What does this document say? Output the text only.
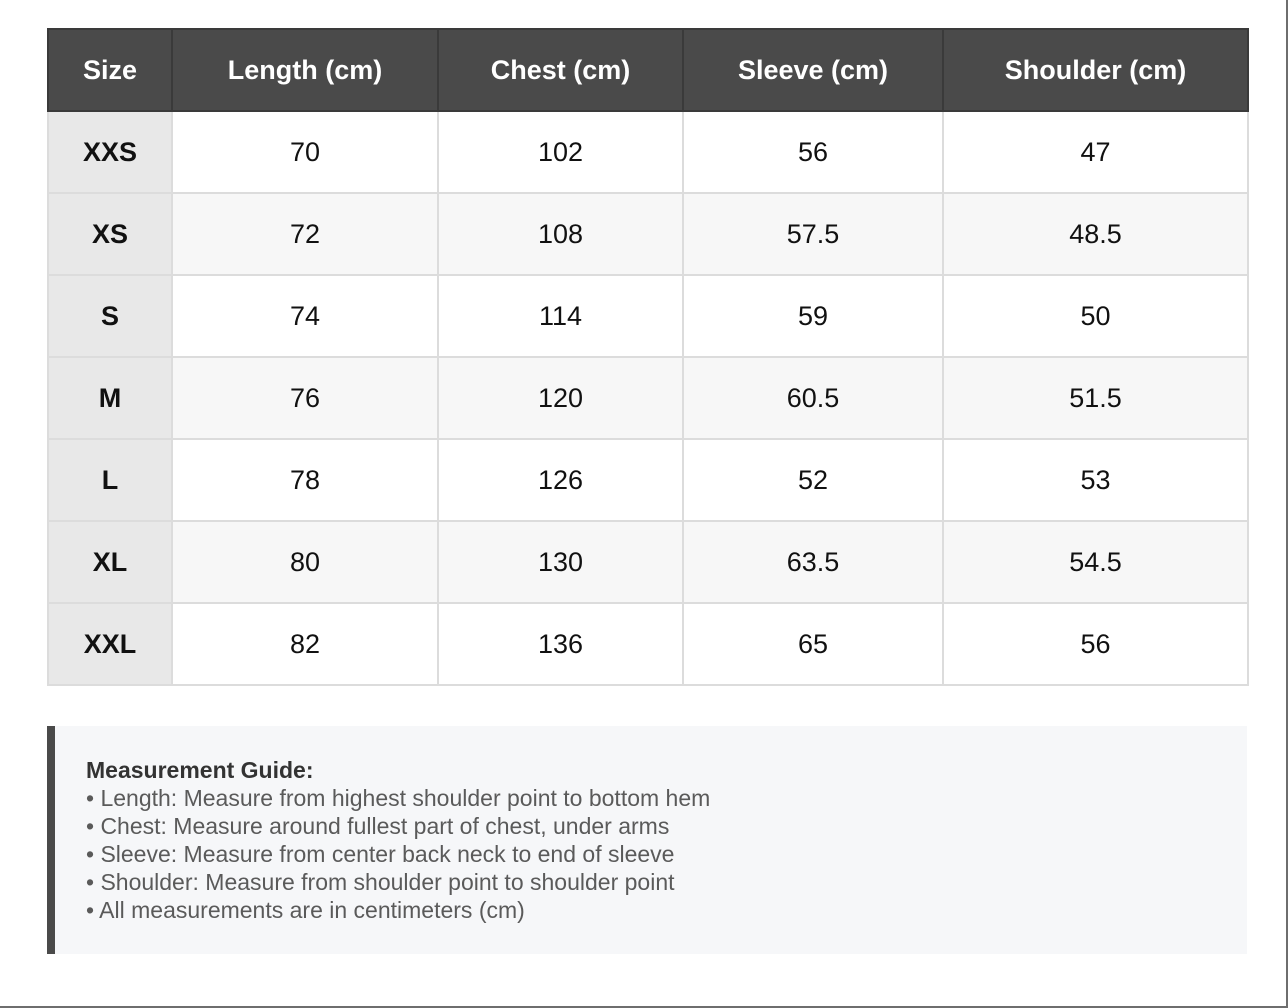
Size	Length (cm)	Chest (cm)	Sleeve (cm)	Shoulder (cm)
XXS	70	102	56	47
XS	72	108	57.5	48.5
S	74	114	59	50
M	76	120	60.5	51.5
L	78	126	52	53
XL	80	130	63.5	54.5
XXL	82	136	65	56
Measurement Guide:
• Length: Measure from highest shoulder point to bottom hem
• Chest: Measure around fullest part of chest, under arms
• Sleeve: Measure from center back neck to end of sleeve
• Shoulder: Measure from shoulder point to shoulder point
• All measurements are in centimeters (cm)
